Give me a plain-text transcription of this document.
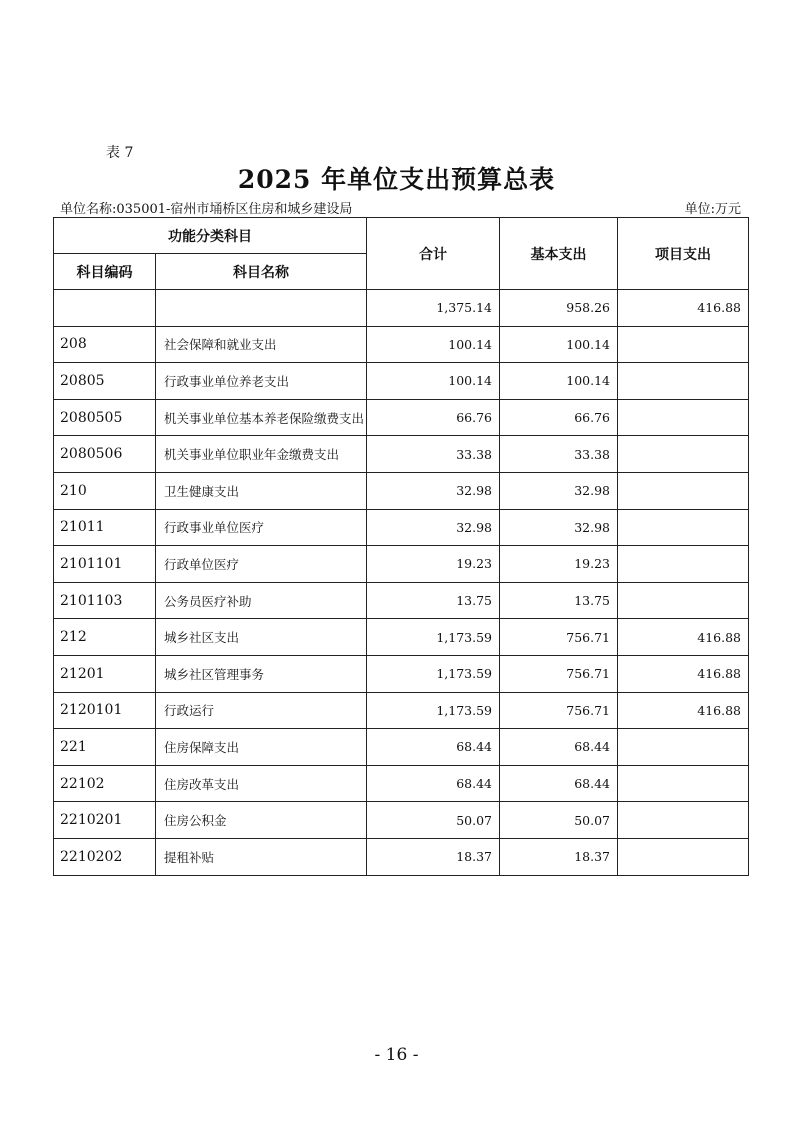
表 7
2025 年单位支出预算总表
单位名称:035001-宿州市埇桥区住房和城乡建设局	单位:万元
功能分类科目		合计	基本支出	项目支出
科目编码	科目名称			
		1,375.14	958.26	416.88
208	社会保障和就业支出	100.14	100.14	
20805	行政事业单位养老支出	100.14	100.14	
2080505	机关事业单位基本养老保险缴费支出	66.76	66.76	
2080506	机关事业单位职业年金缴费支出	33.38	33.38	
210	卫生健康支出	32.98	32.98	
21011	行政事业单位医疗	32.98	32.98	
2101101	行政单位医疗	19.23	19.23	
2101103	公务员医疗补助	13.75	13.75	
212	城乡社区支出	1,173.59	756.71	416.88
21201	城乡社区管理事务	1,173.59	756.71	416.88
2120101	行政运行	1,173.59	756.71	416.88
221	住房保障支出	68.44	68.44	
22102	住房改革支出	68.44	68.44	
2210201	住房公积金	50.07	50.07	
2210202	提租补贴	18.37	18.37	
- 16 -
